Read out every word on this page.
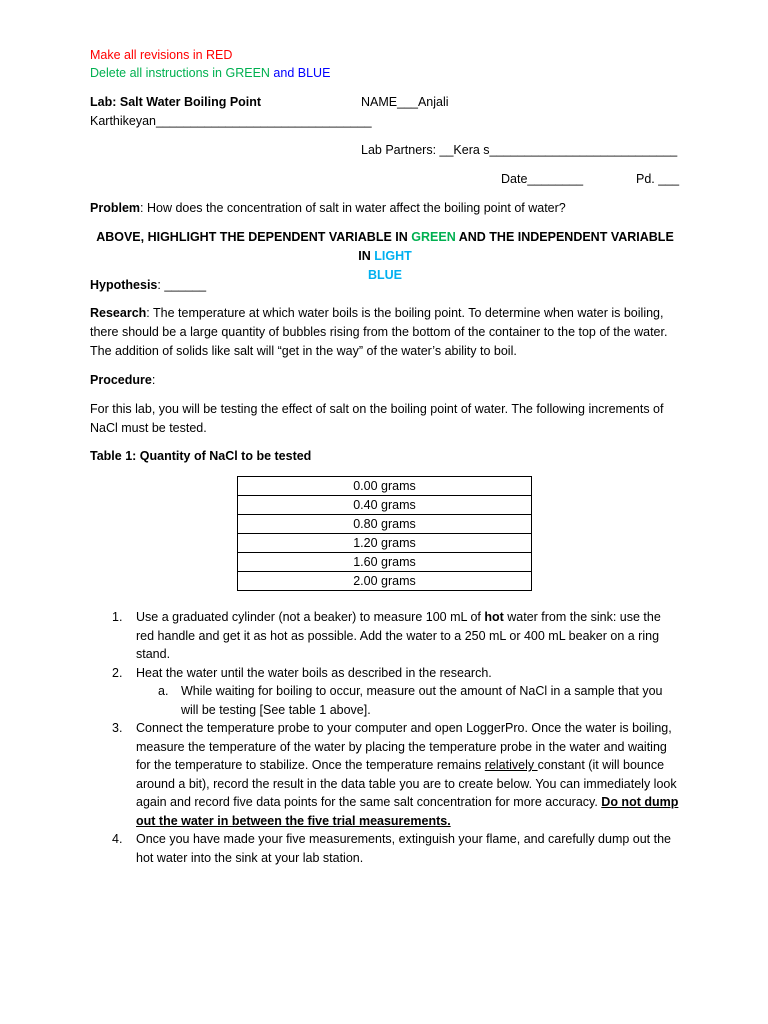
Make all revisions in RED
Delete all instructions in GREEN and BLUE
Lab: Salt Water Boiling Point	NAME___Anjali
Karthikeyan_______________________________
Lab Partners: __Kera s___________________________
Date________	Pd. ___
Problem: How does the concentration of salt in water affect the boiling point of water?
ABOVE, HIGHLIGHT THE DEPENDENT VARIABLE IN GREEN AND THE INDEPENDENT VARIABLE IN LIGHT
BLUE
Hypothesis: ______
Research: The temperature at which water boils is the boiling point. To determine when water is boiling, there should be a large quantity of bubbles rising from the bottom of the container to the top of the water. The addition of solids like salt will “get in the way” of the water’s ability to boil.
Procedure:
For this lab, you will be testing the effect of salt on the boiling point of water. The following increments of NaCl must be tested.
Table 1: Quantity of NaCl to be tested
0.00 grams
0.40 grams
0.80 grams
1.20 grams
1.60 grams
2.00 grams
1. Use a graduated cylinder (not a beaker) to measure 100 mL of hot water from the sink: use the red handle and get it as hot as possible. Add the water to a 250 mL or 400 mL beaker on a ring stand.
2. Heat the water until the water boils as described in the research.
a. While waiting for boiling to occur, measure out the amount of NaCl in a sample that you will be testing [See table 1 above].
3. Connect the temperature probe to your computer and open LoggerPro. Once the water is boiling, measure the temperature of the water by placing the temperature probe in the water and waiting for the temperature to stabilize. Once the temperature remains relatively constant (it will bounce around a bit), record the result in the data table you are to create below. You can immediately look again and record five data points for the same salt concentration for more accuracy. Do not dump out the water in between the five trial measurements.
4. Once you have made your five measurements, extinguish your flame, and carefully dump out the hot water into the sink at your lab station.
